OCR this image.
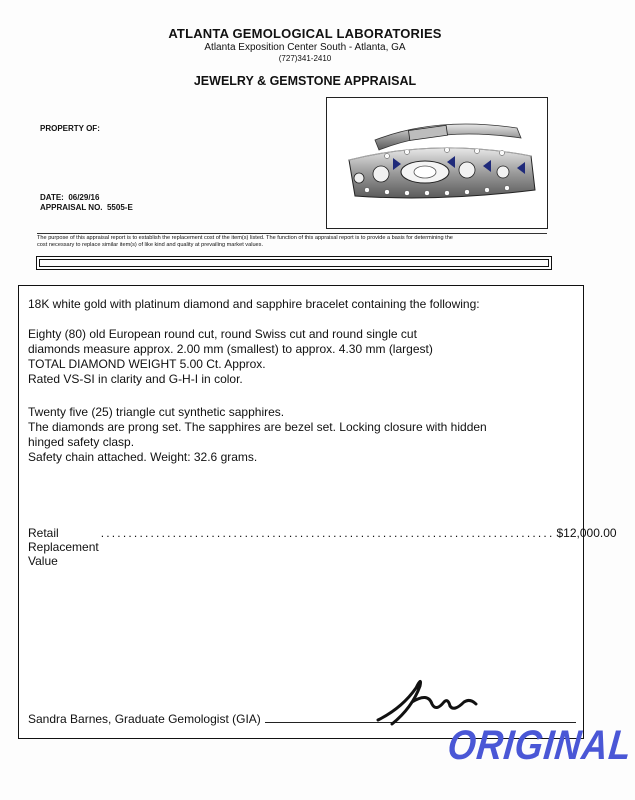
ATLANTA GEMOLOGICAL LABORATORIES
Atlanta Exposition Center South - Atlanta, GA
(727)341-2410
JEWELRY & GEMSTONE APPRAISAL
PROPERTY OF:
DATE: 06/29/16
APPRAISAL NO. 5505-E
The purpose of this appraisal report is to establish the replacement cost of the item(s) listed. The function of this appraisal report is to provide a basis for determining the
cost necessary to replace similar item(s) of like kind and quality at prevailing market values.
18K white gold with platinum diamond and sapphire bracelet containing the following:
Eighty (80) old European round cut, round Swiss cut and round single cut
diamonds measure approx. 2.00 mm (smallest) to approx. 4.30 mm (largest)
TOTAL DIAMOND WEIGHT 5.00 Ct. Approx.
Rated VS-SI in clarity and G-H-I in color.
Twenty five (25) triangle cut synthetic sapphires.
The diamonds are prong set. The sapphires are bezel set. Locking closure with hidden
hinged safety clasp.
Safety chain attached. Weight: 32.6 grams.
Retail Replacement Value
.................................................................................. $12,000.00
Sandra Barnes, Graduate Gemologist (GIA)
ORIGINAL
